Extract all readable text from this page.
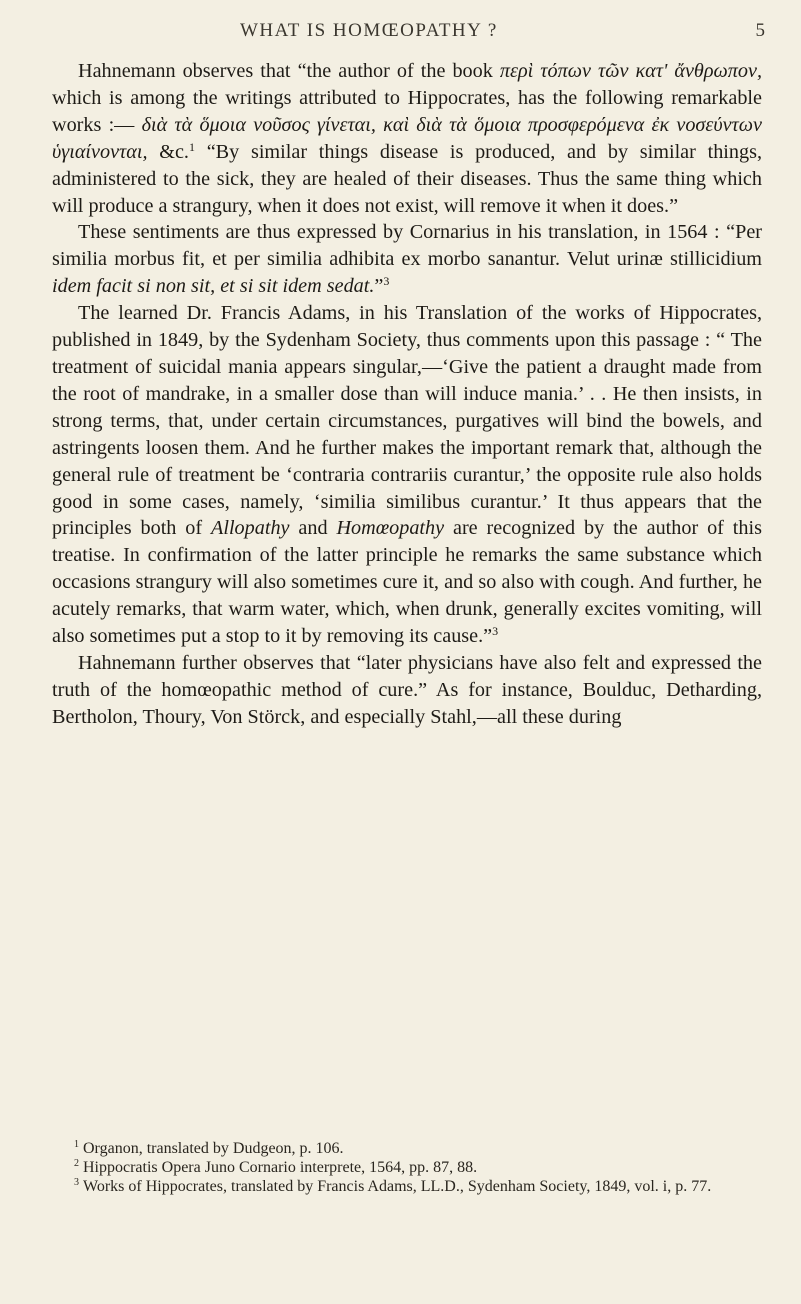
WHAT IS HOMŒOPATHY ?	5

Hahnemann observes that “the author of the book περὶ τόπων τῶν κατ' ἄνθρωπον, which is among the writings attributed to Hippocrates, has the following remarkable works :— διὰ τὰ ὅμοια νοῦσος γίνεται, καὶ διὰ τὰ ὅμοια προσφερόμενα ἐκ νοσεύντων ὑγιαίνονται, &c.$^1$ “By similar things disease is produced, and by similar things, administered to the sick, they are healed of their diseases. Thus the same thing which will produce a strangury, when it does not exist, will remove it when it does.”

These sentiments are thus expressed by Cornarius in his translation, in 1564 : “Per similia morbus fit, et per similia adhibita ex morbo sanantur. Velut urinæ stillicidium idem facit si non sit, et si sit idem sedat.”$^3$

The learned Dr. Francis Adams, in his Translation of the works of Hippocrates, published in 1849, by the Sydenham Society, thus comments upon this passage : “ The treatment of suicidal mania appears singular,—‘Give the patient a draught made from the root of mandrake, in a smaller dose than will induce mania.’ . . He then insists, in strong terms, that, under certain circumstances, purgatives will bind the bowels, and astringents loosen them. And he further makes the important remark that, although the general rule of treatment be ‘contraria contrariis curantur,’ the opposite rule also holds good in some cases, namely, ‘similia similibus curantur.’ It thus appears that the principles both of Allopathy and Homœopathy are recognized by the author of this treatise. In confirmation of the latter principle he remarks the same substance which occasions strangury will also sometimes cure it, and so also with cough. And further, he acutely remarks, that warm water, which, when drunk, generally excites vomiting, will also sometimes put a stop to it by removing its cause.”$^3$

Hahnemann further observes that “later physicians have also felt and expressed the truth of the homœopathic method of cure.” As for instance, Boulduc, Detharding, Bertholon, Thoury, Von Störck, and especially Stahl,—all these during

$^1$ Organon, translated by Dudgeon, p. 106.

$^2$ Hippocratis Opera Juno Cornario interprete, 1564, pp. 87, 88.

$^3$ Works of Hippocrates, translated by Francis Adams, LL.D., Sydenham Society, 1849, vol. i, p. 77.
